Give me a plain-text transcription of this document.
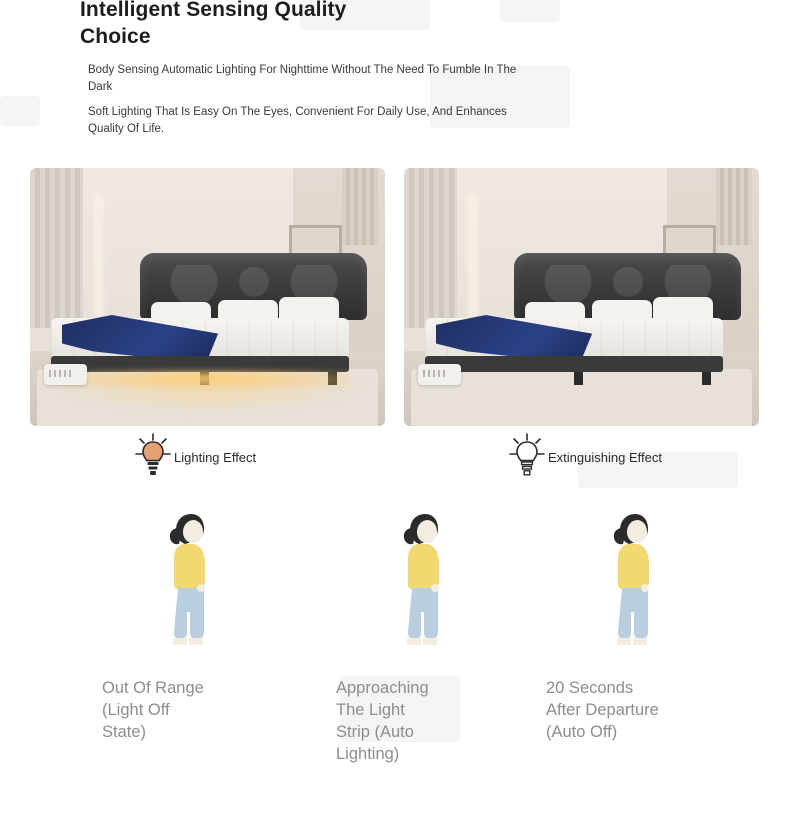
Intelligent Sensing Quality Choice
Body Sensing Automatic Lighting For Nighttime Without The Need To Fumble In The Dark
Soft Lighting That Is Easy On The Eyes, Convenient For Daily Use, And Enhances Quality Of Life.
Lighting Effect	Extinguishing Effect
Out Of Range
(Light Off
State)
Approaching
The Light
Strip (Auto
Lighting)
20 Seconds
After Departure
(Auto Off)
